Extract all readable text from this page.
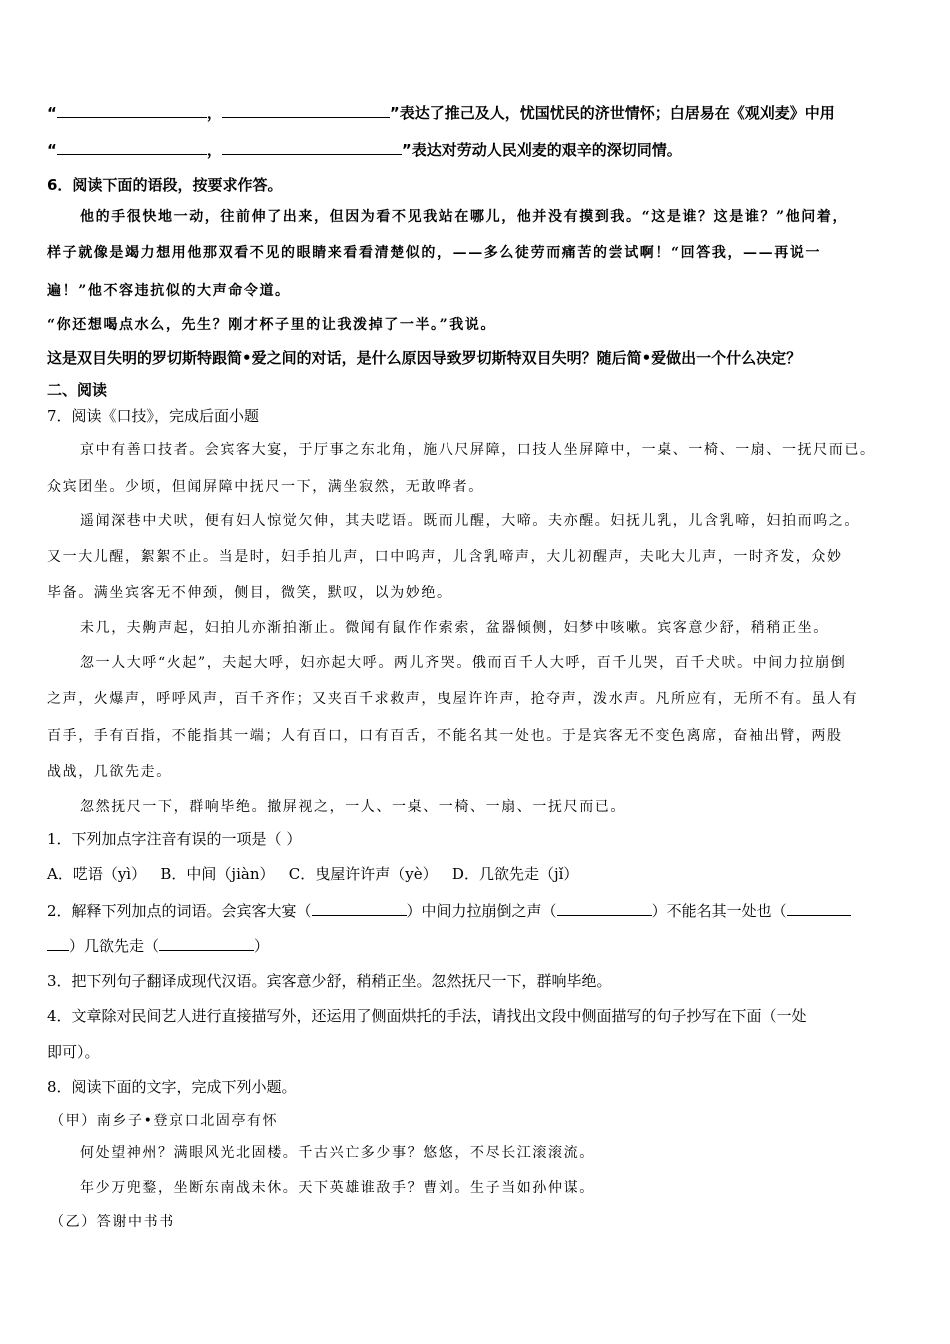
“	，	”表达了推己及人，忧国忧民的济世情怀；白居易在《观刈麦》中用
“	，	”表达对劳动人民刈麦的艰辛的深切同情。
6．阅读下面的语段，按要求作答。
他的手很快地一动，往前伸了出来，但因为看不见我站在哪儿，他并没有摸到我。“这是谁？这是谁？”他问着，
样子就像是竭力想用他那双看不见的眼睛来看看清楚似的，——多么徒劳而痛苦的尝试啊！“回答我，——再说一
遍！”他不容违抗似的大声命令道。
“你还想喝点水么，先生？刚才杯子里的让我泼掉了一半。”我说。
这是双目失明的罗切斯特跟简•爱之间的对话，是什么原因导致罗切斯特双目失明？随后简•爱做出一个什么决定？
二、阅读
7．阅读《口技》，完成后面小题
京中有善口技者。会宾客大宴，于厅事之东北角，施八尺屏障，口技人坐屏障中，一桌、一椅、一扇、一抚尺而已。
众宾团坐。少顷，但闻屏障中抚尺一下，满坐寂然，无敢哗者。
遥闻深巷中犬吠，便有妇人惊觉欠伸，其夫呓语。既而儿醒，大啼。夫亦醒。妇抚儿乳，儿含乳啼，妇拍而呜之。
又一大儿醒，絮絮不止。当是时，妇手拍儿声，口中呜声，儿含乳啼声，大儿初醒声，夫叱大儿声，一时齐发，众妙
毕备。满坐宾客无不伸颈，侧目，微笑，默叹，以为妙绝。
未几，夫齁声起，妇拍儿亦渐拍渐止。微闻有鼠作作索索，盆器倾侧，妇梦中咳嗽。宾客意少舒，稍稍正坐。
忽一人大呼“火起”，夫起大呼，妇亦起大呼。两儿齐哭。俄而百千人大呼，百千儿哭，百千犬吠。中间力拉崩倒
之声，火爆声，呼呼风声，百千齐作；又夹百千求救声，曳屋许许声，抢夺声，泼水声。凡所应有，无所不有。虽人有
百手，手有百指，不能指其一端；人有百口，口有百舌，不能名其一处也。于是宾客无不变色离席，奋袖出臂，两股
战战，几欲先走。
忽然抚尺一下，群响毕绝。撤屏视之，一人、一桌、一椅、一扇、一抚尺而已。
1．下列加点字注音有误的一项是（ ）
A．呓语（yì）   B．中间（jiàn）   C．曳屋许许声（yè）   D．几欲先走（jǐ）
2．解释下列加点的词语。会宾客大宴（	）中间力拉崩倒之声（	）不能名其一处也（
）几欲先走（	）
3．把下列句子翻译成现代汉语。宾客意少舒，稍稍正坐。忽然抚尺一下，群响毕绝。
4．文章除对民间艺人进行直接描写外，还运用了侧面烘托的手法，请找出文段中侧面描写的句子抄写在下面（一处
即可）。
8．阅读下面的文字，完成下列小题。
（甲）南乡子•登京口北固亭有怀
何处望神州？满眼风光北固楼。千古兴亡多少事？悠悠，不尽长江滚滚流。
年少万兜鍪，坐断东南战未休。天下英雄谁敌手？曹刘。生子当如孙仲谋。
（乙）答谢中书书
